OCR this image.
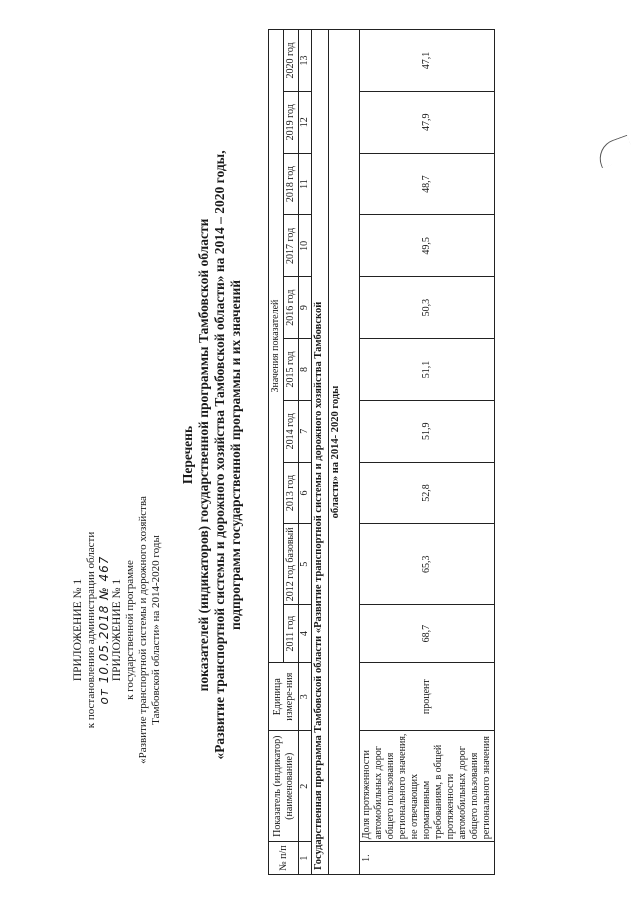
ПРИЛОЖЕНИЕ № 1 к постановлению администрации области от 10.05.2018 № 467 ПРИЛОЖЕНИЕ № 1 к государственной программе «Развитие транспортной системы и дорожного хозяйства Тамбовской области» на 2014-2020 годы
Перечень показателей (индикаторов) государственной программы Тамбовской области «Развитие транспортной системы и дорожного хозяйства Тамбовской области» на 2014 – 2020 годы, подпрограмм государственной программы и их значений
№ п/п	Показатель (индикатор) (наименование)	Единица измере-ния	Значения показателей									
			2011 год	2012 год базовый	2013 год	2014 год	2015 год	2016 год	2017 год	2018 год	2019 год	2020 год
1	2	3	4	5	6	7	8	9	10	11	12	13
Государственная программа Тамбовской области «Развитие транспортной системы и дорожного хозяйства Тамбовской												
области» на 2014- 2020 годы												
1.	Доля протяженности автомобильных дорог общего пользования регионального значения, не отвечающих нормативным требованиям, в общей протяженности автомобильных дорог общего пользования регионального значения	процент	68,7	65,3	52,8	51,9	51,1	50,3	49,5	48,7	47,9	47,1
